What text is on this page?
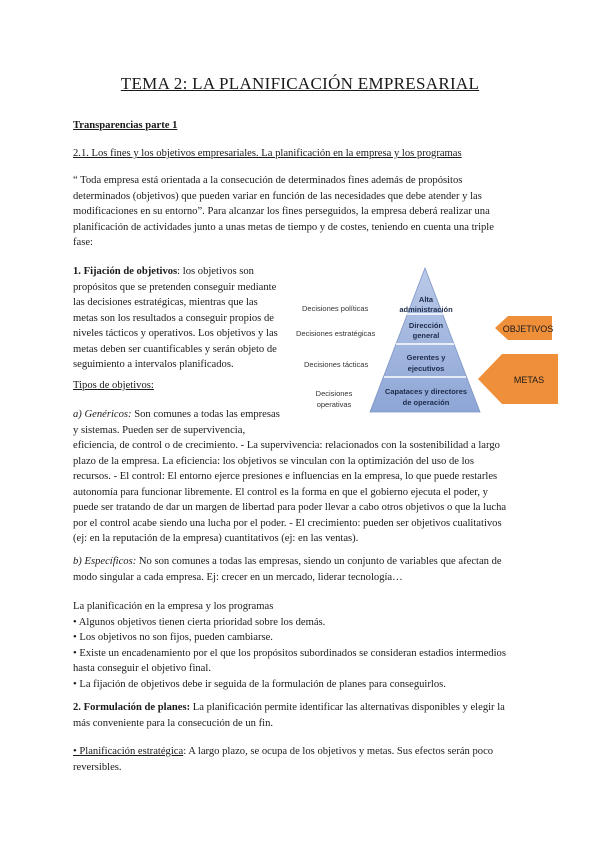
TEMA 2: LA PLANIFICACIÓN EMPRESARIAL
Transparencias parte 1
2.1. Los fines y los objetivos empresariales. La planificación en la empresa y los programas
“ Toda empresa está orientada a la consecución de determinados fines además de propósitos
determinados (objetivos) que pueden variar en función de las necesidades que debe atender y las
modificaciones en su entorno”. Para alcanzar los fines perseguidos, la empresa deberá realizar una
planificación de actividades junto a unas metas de tiempo y de costes, teniendo en cuenta una triple
fase:
1. Fijación de objetivos: los objetivos son
propósitos que se pretenden conseguir mediante
las decisiones estratégicas, mientras que las
metas son los resultados a conseguir propios de
niveles tácticos y operativos. Los objetivos y las
metas deben ser cuantificables y serán objeto de
seguimiento a intervalos planificados.
Tipos de objetivos:
a) Genéricos: Son comunes a todas las empresas
y sistemas. Pueden ser de supervivencia,
eficiencia, de control o de crecimiento. - La supervivencia: relacionados con la sostenibilidad a largo
plazo de la empresa. La eficiencia: los objetivos se vinculan con la optimización del uso de los
recursos. - El control: El entorno ejerce presiones e influencias en la empresa, lo que puede restarles
autonomía para funcionar libremente. El control es la forma en que el gobierno ejecuta el poder, y
puede ser tratando de dar un margen de libertad para poder llevar a cabo otros objetivos o que la lucha
por el control acabe siendo una lucha por el poder. - El crecimiento: pueden ser objetivos cualitativos
(ej: en la reputación de la empresa) cuantitativos (ej: en las ventas).
b) Específicos: No son comunes a todas las empresas, siendo un conjunto de variables que afectan de
modo singular a cada empresa. Ej: crecer en un mercado, liderar tecnología…
La planificación en la empresa y los programas
• Algunos objetivos tienen cierta prioridad sobre los demás.
• Los objetivos no son fijos, pueden cambiarse.
• Existe un encadenamiento por el que los propósitos subordinados se consideran estadios intermedios
hasta conseguir el objetivo final.
• La fijación de objetivos debe ir seguida de la formulación de planes para conseguirlos.
2. Formulación de planes: La planificación permite identificar las alternativas disponibles y elegir la
más conveniente para la consecución de un fin.
• Planificación estratégica: A largo plazo, se ocupa de los objetivos y metas. Sus efectos serán poco
reversibles.
Alta
administración
Dirección
general
Gerentes y
ejecutivos
Capataces y directores
de operación
Decisiones políticas
Decisiones estratégicas
Decisiones tácticas
Decisiones
operativas
OBJETIVOS
METAS
